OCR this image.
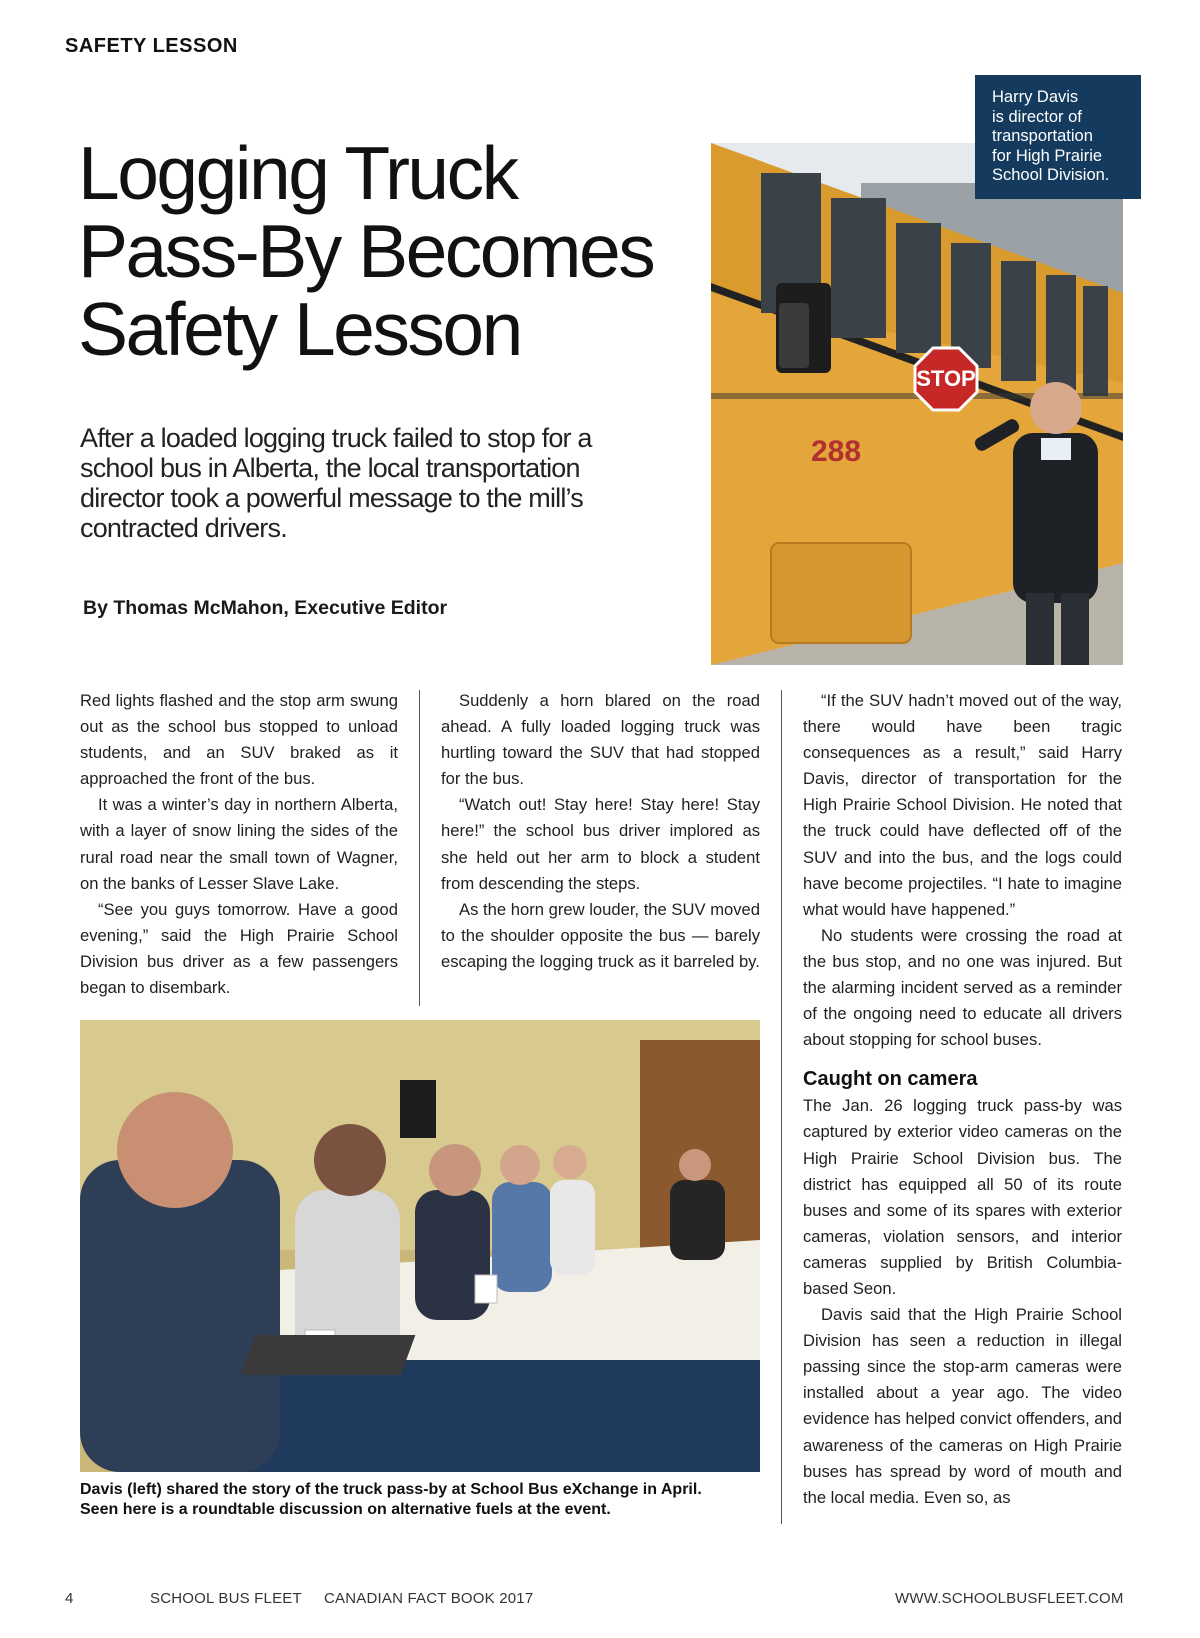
SAFETY LESSON
Logging Truck
Pass-By Becomes
Safety Lesson

After a loaded logging truck failed to stop for a school bus in Alberta, the local transportation director took a powerful message to the mill’s contracted drivers.

By Thomas McMahon, Executive Editor
STOP
288
Harry Davis
is director of
transportation
for High Prairie
School Division.

Red lights flashed and the stop arm swung out as the school bus stopped to unload students, and an SUV braked as it approached the front of the bus.

It was a winter’s day in northern Alberta, with a layer of snow lining the sides of the rural road near the small town of Wagner, on the banks of Lesser Slave Lake.

“See you guys tomorrow. Have a good evening,” said the High Prairie School Division bus driver as a few passengers began to disembark.

Suddenly a horn blared on the road ahead. A fully loaded logging truck was hurtling toward the SUV that had stopped for the bus.

“Watch out! Stay here! Stay here! Stay here!” the school bus driver implored as she held out her arm to block a student from descending the steps.

As the horn grew louder, the SUV moved to the shoulder opposite the bus — barely escaping the logging truck as it barreled by.

“If the SUV hadn’t moved out of the way, there would have been tragic consequences as a result,” said Harry Davis, director of transportation for the High Prairie School Division. He noted that the truck could have deflected off of the SUV and into the bus, and the logs could have become projectiles. “I hate to imagine what would have happened.”

No students were crossing the road at the bus stop, and no one was injured. But the alarming incident served as a reminder of the ongoing need to educate all drivers about stopping for school buses.

Caught on camera

The Jan. 26 logging truck pass-by was captured by exterior video cameras on the High Prairie School Division bus. The district has equipped all 50 of its route buses and some of its spares with exterior cameras, violation sensors, and interior cameras supplied by British Columbia-based Seon.

Davis said that the High Prairie School Division has seen a reduction in illegal passing since the stop-arm cameras were installed about a year ago. The video evidence has helped convict offenders, and awareness of the cameras on High Prairie buses has spread by word of mouth and the local media. Even so, as

Davis (left) shared the story of the truck pass-by at School Bus eXchange in April.
Seen here is a roundtable discussion on alternative fuels at the event.
4	SCHOOL BUS FLEET CANADIAN FACT BOOK 2017	WWW.SCHOOLBUSFLEET.COM
